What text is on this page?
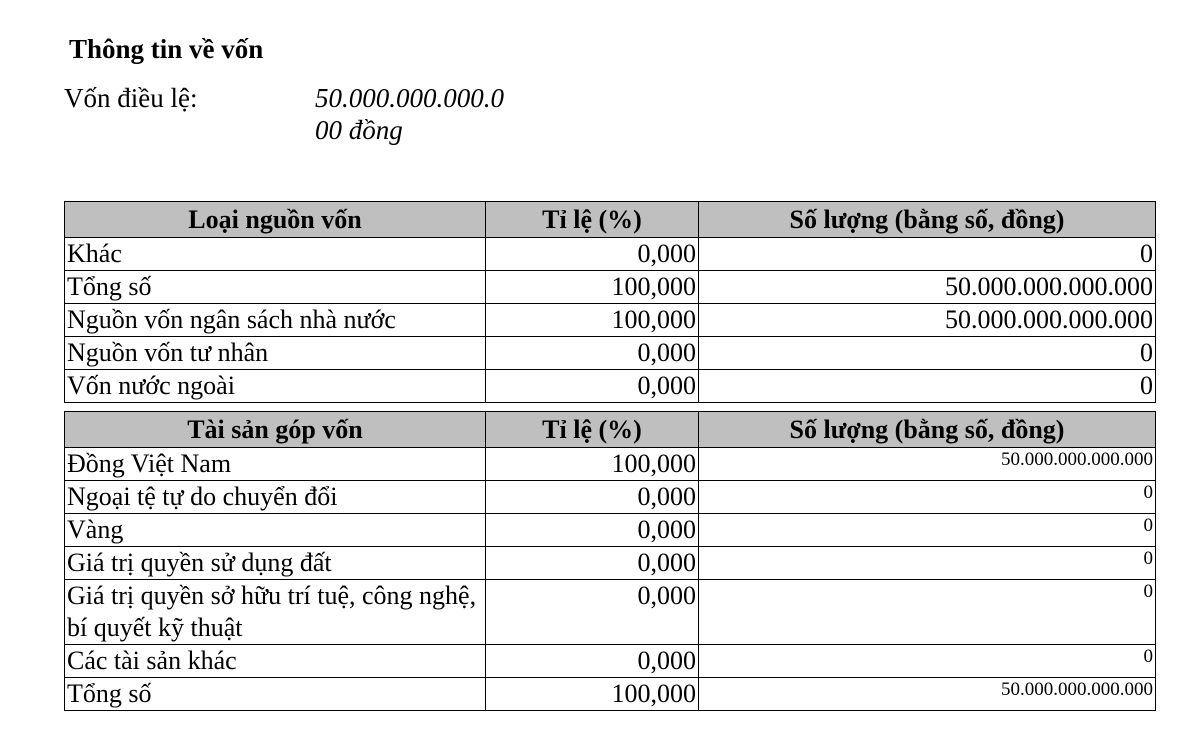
Thông tin về vốn
Vốn điều lệ:	50.000.000.000.0
00 đồng
Loại nguồn vốn	Tỉ lệ (%)	Số lượng (bằng số, đồng)
Khác	0,000	0
Tổng số	100,000	50.000.000.000.000
Nguồn vốn ngân sách nhà nước	100,000	50.000.000.000.000
Nguồn vốn tư nhân	0,000	0
Vốn nước ngoài	0,000	0
Tài sản góp vốn	Tỉ lệ (%)	Số lượng (bằng số, đồng)
Đồng Việt Nam	100,000	50.000.000.000.000
Ngoại tệ tự do chuyển đổi	0,000	0
Vàng	0,000	0
Giá trị quyền sử dụng đất	0,000	0
Giá trị quyền sở hữu trí tuệ, công nghệ, bí quyết kỹ thuật	0,000	0
Các tài sản khác	0,000	0
Tổng số	100,000	50.000.000.000.000
